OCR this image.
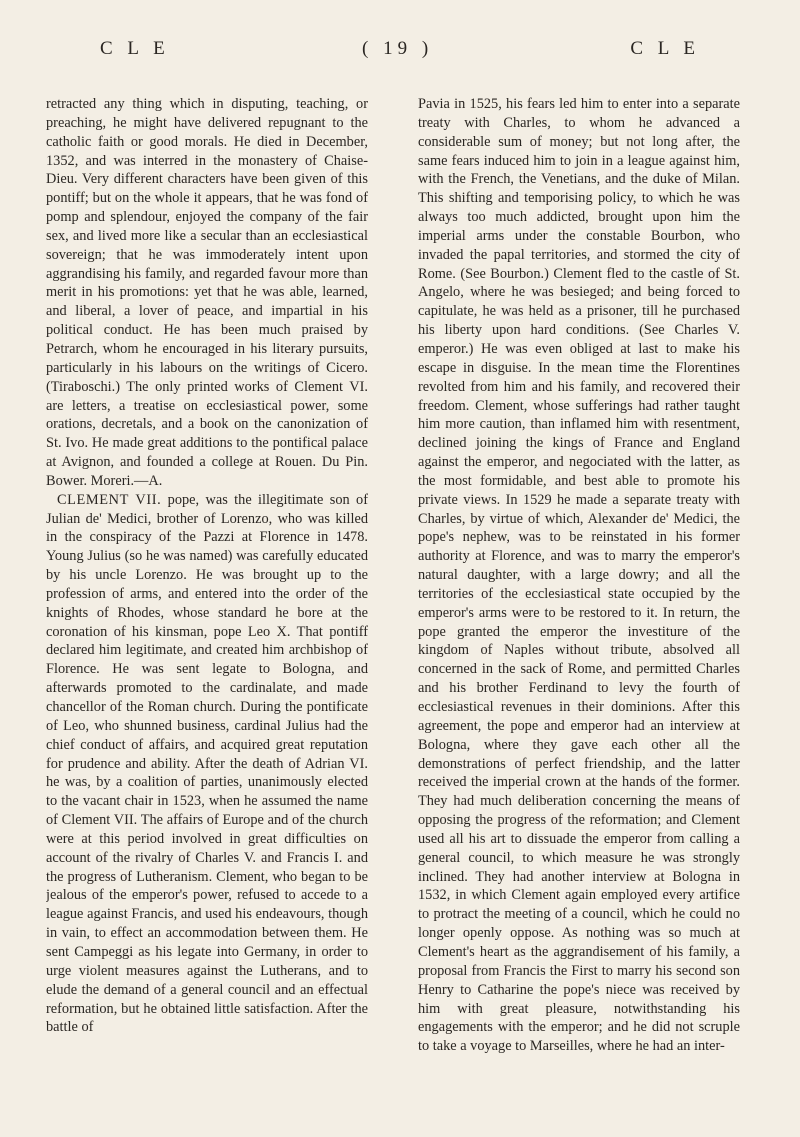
C L E	( 19 )	C L E

retracted any thing which in disputing, teaching, or preaching, he might have delivered repugnant to the catholic faith or good morals. He died in December, 1352, and was interred in the monastery of Chaise-Dieu. Very different characters have been given of this pontiff; but on the whole it appears, that he was fond of pomp and splendour, enjoyed the company of the fair sex, and lived more like a secular than an ecclesiastical sovereign; that he was immoderately intent upon aggrandising his family, and regarded favour more than merit in his promotions: yet that he was able, learned, and liberal, a lover of peace, and impartial in his political conduct. He has been much praised by Petrarch, whom he encouraged in his literary pursuits, particularly in his labours on the writings of Cicero. (Tiraboschi.) The only printed works of Clement VI. are letters, a treatise on ecclesiastical power, some orations, decretals, and a book on the canonization of St. Ivo. He made great additions to the pontifical palace at Avignon, and founded a college at Rouen. Du Pin. Bower. Moreri.—A.

CLEMENT VII. pope, was the illegitimate son of Julian de' Medici, brother of Lorenzo, who was killed in the conspiracy of the Pazzi at Florence in 1478. Young Julius (so he was named) was carefully educated by his uncle Lorenzo. He was brought up to the profession of arms, and entered into the order of the knights of Rhodes, whose standard he bore at the coronation of his kinsman, pope Leo X. That pontiff declared him legitimate, and created him archbishop of Florence. He was sent legate to Bologna, and afterwards promoted to the cardinalate, and made chancellor of the Roman church. During the pontificate of Leo, who shunned business, cardinal Julius had the chief conduct of affairs, and acquired great reputation for prudence and ability. After the death of Adrian VI. he was, by a coalition of parties, unanimously elected to the vacant chair in 1523, when he assumed the name of Clement VII. The affairs of Europe and of the church were at this period involved in great difficulties on account of the rivalry of Charles V. and Francis I. and the progress of Lutheranism. Clement, who began to be jealous of the emperor's power, refused to accede to a league against Francis, and used his endeavours, though in vain, to effect an accommodation between them. He sent Campeggi as his legate into Germany, in order to urge violent measures against the Lutherans, and to elude the demand of a general council and an effectual reformation, but he obtained little satisfaction. After the battle of

Pavia in 1525, his fears led him to enter into a separate treaty with Charles, to whom he advanced a considerable sum of money; but not long after, the same fears induced him to join in a league against him, with the French, the Venetians, and the duke of Milan. This shifting and temporising policy, to which he was always too much addicted, brought upon him the imperial arms under the constable Bourbon, who invaded the papal territories, and stormed the city of Rome. (See Bourbon.) Clement fled to the castle of St. Angelo, where he was besieged; and being forced to capitulate, he was held as a prisoner, till he purchased his liberty upon hard conditions. (See Charles V. emperor.) He was even obliged at last to make his escape in disguise. In the mean time the Florentines revolted from him and his family, and recovered their freedom. Clement, whose sufferings had rather taught him more caution, than inflamed him with resentment, declined joining the kings of France and England against the emperor, and negociated with the latter, as the most formidable, and best able to promote his private views. In 1529 he made a separate treaty with Charles, by virtue of which, Alexander de' Medici, the pope's nephew, was to be reinstated in his former authority at Florence, and was to marry the emperor's natural daughter, with a large dowry; and all the territories of the ecclesiastical state occupied by the emperor's arms were to be restored to it. In return, the pope granted the emperor the investiture of the kingdom of Naples without tribute, absolved all concerned in the sack of Rome, and permitted Charles and his brother Ferdinand to levy the fourth of ecclesiastical revenues in their dominions. After this agreement, the pope and emperor had an interview at Bologna, where they gave each other all the demonstrations of perfect friendship, and the latter received the imperial crown at the hands of the former. They had much deliberation concerning the means of opposing the progress of the reformation; and Clement used all his art to dissuade the emperor from calling a general council, to which measure he was strongly inclined. They had another interview at Bologna in 1532, in which Clement again employed every artifice to protract the meeting of a council, which he could no longer openly oppose. As nothing was so much at Clement's heart as the aggrandisement of his family, a proposal from Francis the First to marry his second son Henry to Catharine the pope's niece was received by him with great pleasure, notwithstanding his engagements with the emperor; and he did not scruple to take a voyage to Marseilles, where he had an inter-
